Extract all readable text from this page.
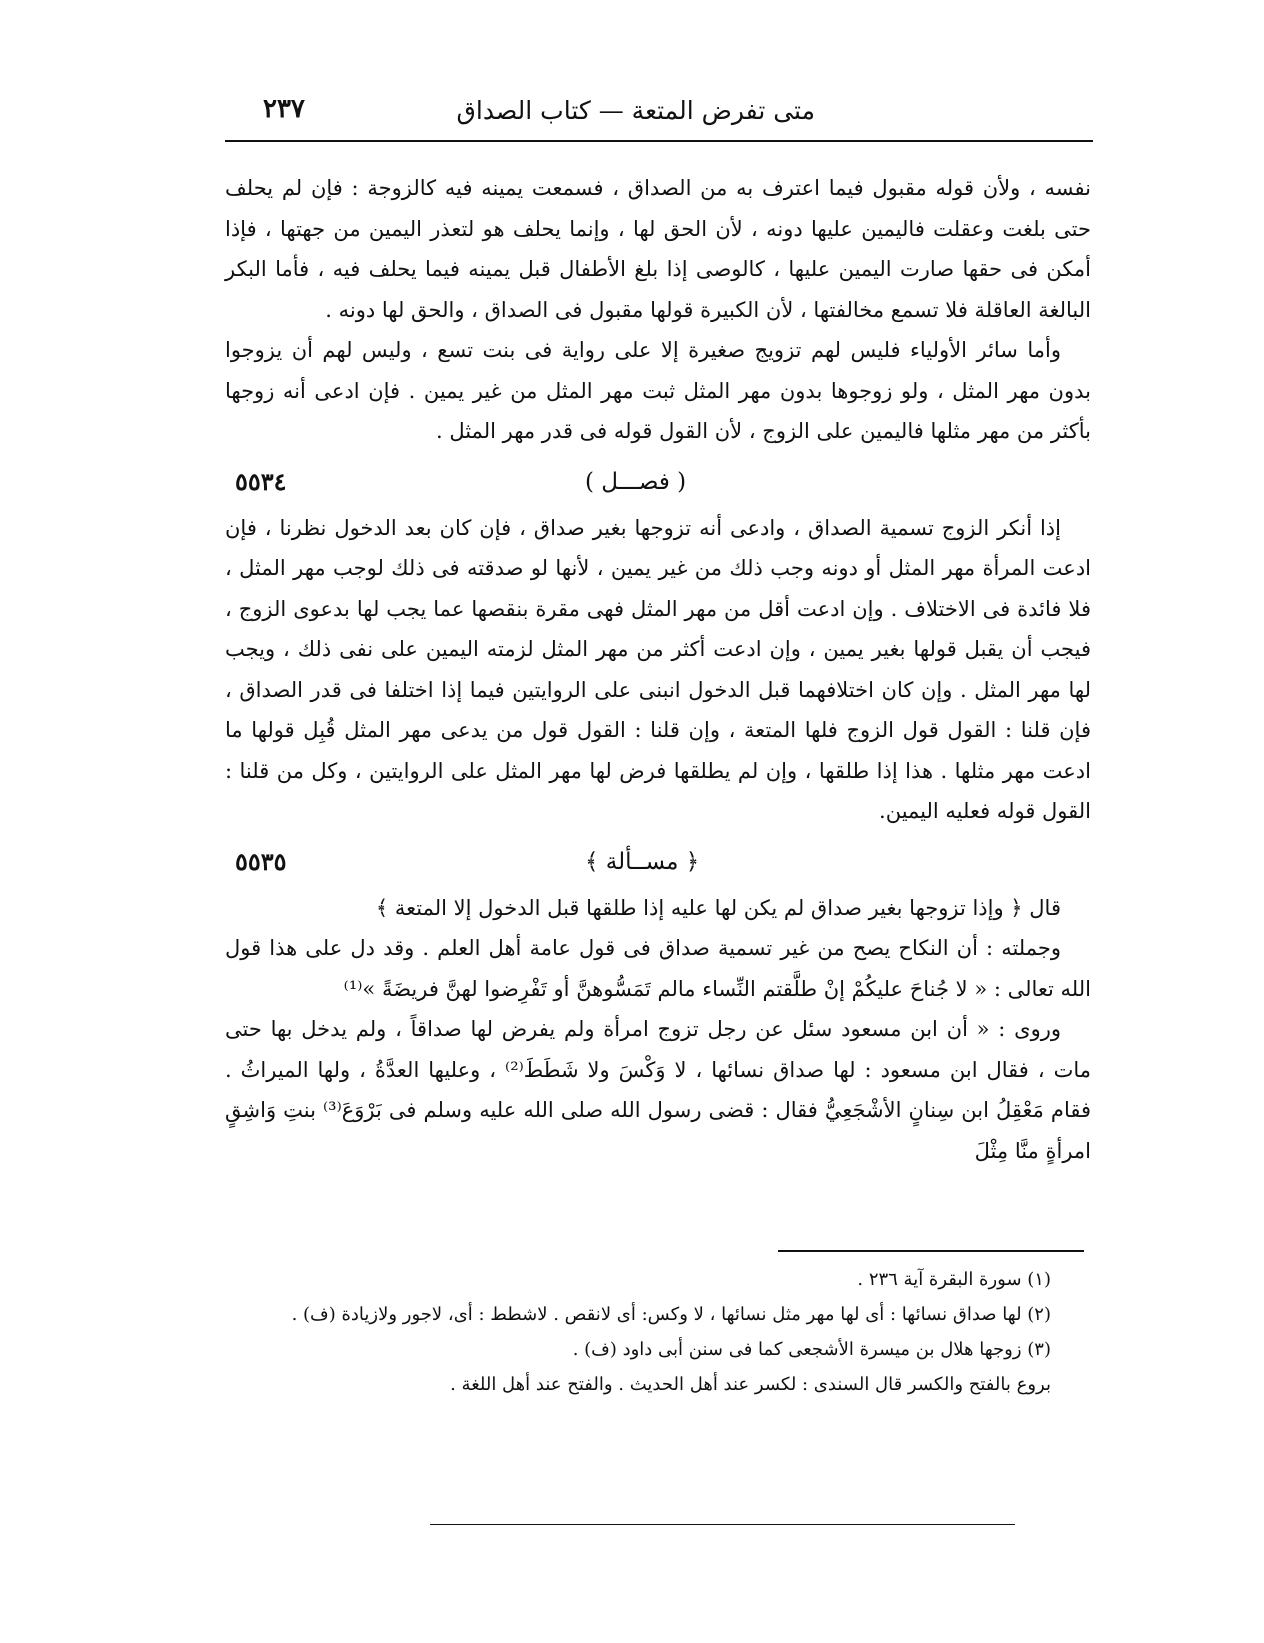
متى تفرض المتعة — كتاب الصداق
٢٣٧

نفسه ، ولأن قوله مقبول فيما اعترف به من الصداق ، فسمعت يمينه فيه كالزوجة : فإن لم يحلف حتى بلغت وعقلت فاليمين عليها دونه ، لأن الحق لها ، وإنما يحلف هو لتعذر اليمين من جهتها ، فإذا أمكن فى حقها صارت اليمين عليها ، كالوصى إذا بلغ الأطفال قبل يمينه فيما يحلف فيه ، فأما البكر البالغة العاقلة فلا تسمع مخالفتها ، لأن الكبيرة قولها مقبول فى الصداق ، والحق لها دونه .

وأما سائر الأولياء فليس لهم تزويج صغيرة إلا على رواية فى بنت تسع ، وليس لهم أن يزوجوا بدون مهر المثل ، ولو زوجوها بدون مهر المثل ثبت مهر المثل من غير يمين . فإن ادعى أنه زوجها بأكثر من مهر مثلها فاليمين على الزوج ، لأن القول قوله فى قدر مهر المثل .

٥٥٣٤	( فصـــل )

إذا أنكر الزوج تسمية الصداق ، وادعى أنه تزوجها بغير صداق ، فإن كان بعد الدخول نظرنا ، فإن ادعت المرأة مهر المثل أو دونه وجب ذلك من غير يمين ، لأنها لو صدقته فى ذلك لوجب مهر المثل ، فلا فائدة فى الاختلاف . وإن ادعت أقل من مهر المثل فهى مقرة بنقصها عما يجب لها بدعوى الزوج ، فيجب أن يقبل قولها بغير يمين ، وإن ادعت أكثر من مهر المثل لزمته اليمين على نفى ذلك ، ويجب لها مهر المثل . وإن كان اختلافهما قبل الدخول انبنى على الروايتين فيما إذا اختلفا فى قدر الصداق ، فإن قلنا : القول قول الزوج فلها المتعة ، وإن قلنا : القول قول من يدعى مهر المثل قُبِل قولها ما ادعت مهر مثلها . هذا إذا طلقها ، وإن لم يطلقها فرض لها مهر المثل على الروايتين ، وكل من قلنا : القول قوله فعليه اليمين.

٥٥٣٥	﴿ مســألة ﴾

قال ﴿ وإذا تزوجها بغير صداق لم يكن لها عليه إذا طلقها قبل الدخول إلا المتعة ﴾

وجملته : أن النكاح يصح من غير تسمية صداق فى قول عامة أهل العلم . وقد دل على هذا قول الله تعالى : « لا جُناحَ عليكُمْ إنْ طلَّقتم النِّساء مالم تَمَسُّوهنَّ أو تَفْرِضوا لهنَّ فريضَةً »⁽¹⁾

وروى : « أن ابن مسعود سئل عن رجل تزوج امرأة ولم يفرض لها صداقاً ، ولم يدخل بها حتى مات ، فقال ابن مسعود : لها صداق نسائها ، لا وَكْسَ ولا شَطَطَ⁽²⁾ ، وعليها العدَّةُ ، ولها الميراثُ . فقام مَعْقِلُ ابن سِنانٍ الأشْجَعِيُّ فقال : قضى رسول الله صلى الله عليه وسلم فى بَرْوَعَ⁽³⁾ بنتِ وَاشِقٍ امرأةٍ منَّا مِثْلَ

(١) سورة البقرة آية ٢٣٦ .

(٢) لها صداق نسائها : أى لها مهر مثل نسائها ، لا وكس: أى لانقص . لاشطط : أى، لاجور ولازيادة (ف) .

(٣) زوجها هلال بن ميسرة الأشجعى كما فى سنن أبى داود (ف) .

بروع بالفتح والكسر قال السندى : لكسر عند أهل الحديث . والفتح عند أهل اللغة .
